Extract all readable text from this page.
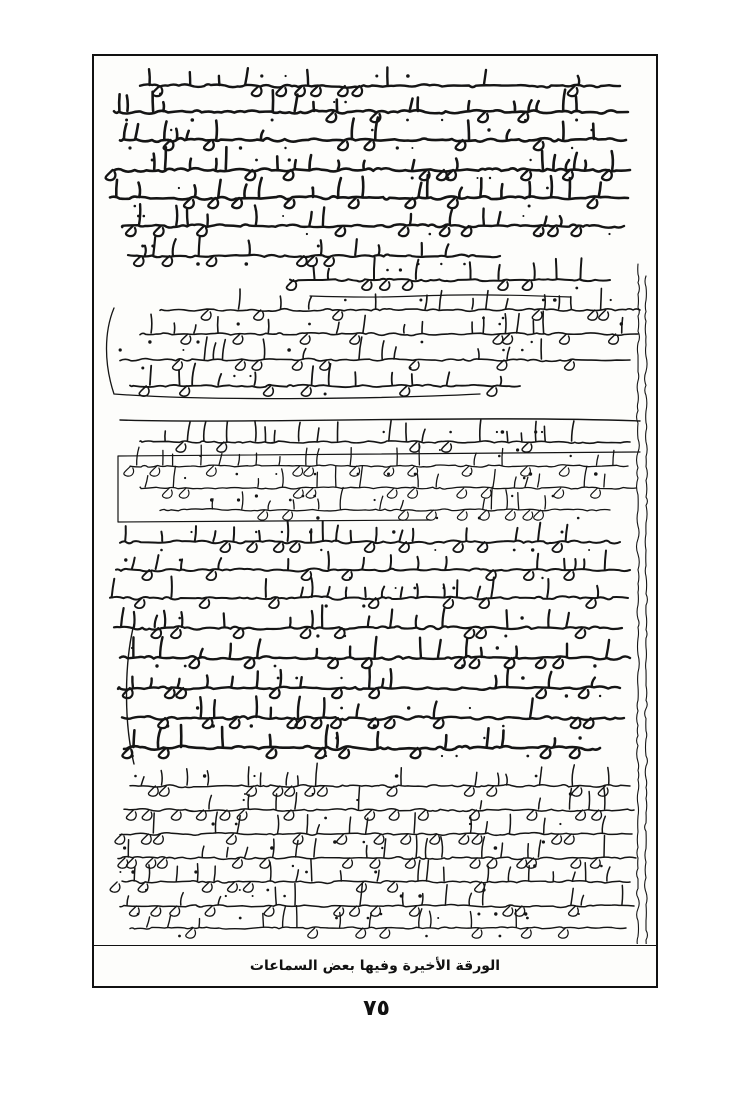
الورقة الأخيرة وفيها بعض السماعات
٧٥
